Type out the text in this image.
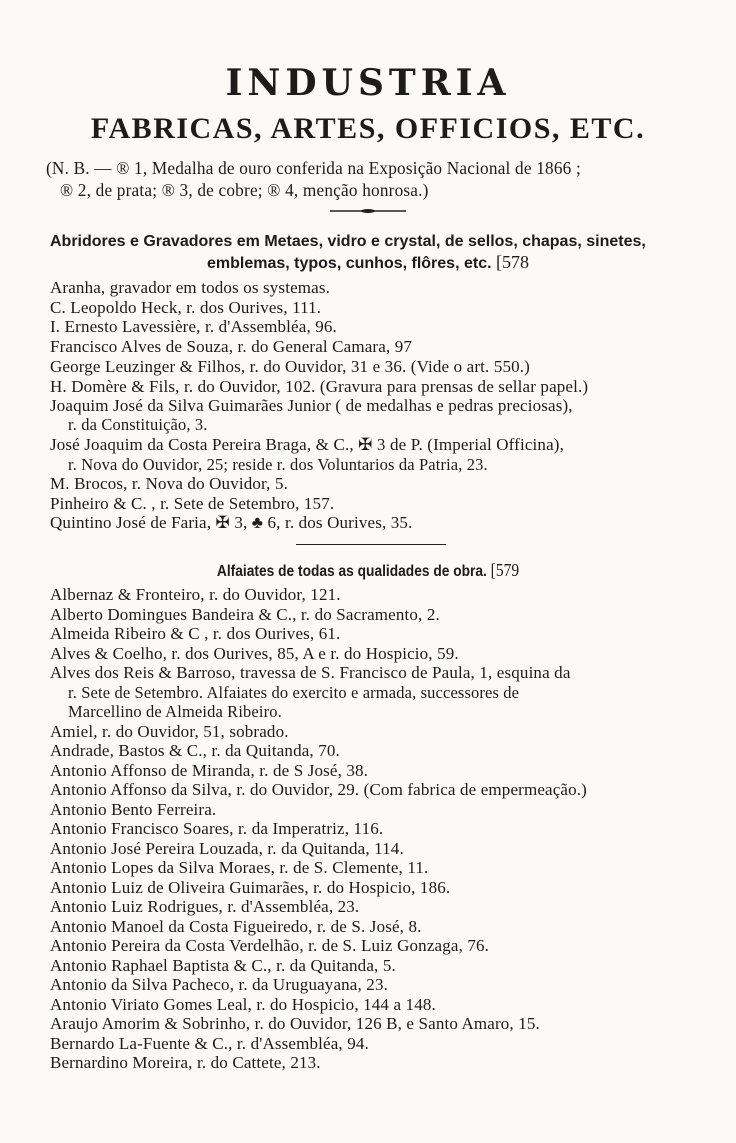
INDUSTRIA
FABRICAS, ARTES, OFFICIOS, ETC.
(N. B. — ® 1, Medalha de ouro conferida na Exposição Nacional de 1866 ;
® 2, de prata; ® 3, de cobre; ® 4, menção honrosa.)
Abridores e Gravadores em Metaes, vidro e crystal, de sellos, chapas, sinetes,
emblemas, typos, cunhos, flôres, etc. [578
Aranha, gravador em todos os systemas.
C. Leopoldo Heck, r. dos Ourives, 111.
I. Ernesto Lavessière, r. d'Assembléa, 96.
Francisco Alves de Souza, r. do General Camara, 97
George Leuzinger & Filhos, r. do Ouvidor, 31 e 36. (Vide o art. 550.)
H. Domère & Fils, r. do Ouvidor, 102. (Gravura para prensas de sellar papel.)
Joaquim José da Silva Guimarães Junior ( de medalhas e pedras preciosas),
r. da Constituição, 3.
José Joaquim da Costa Pereira Braga, & C., ✠ 3 de P. (Imperial Officina),
r. Nova do Ouvidor, 25; reside r. dos Voluntarios da Patria, 23.
M. Brocos, r. Nova do Ouvidor, 5.
Pinheiro & C. , r. Sete de Setembro, 157.
Quintino José de Faria, ✠ 3, ♣ 6, r. dos Ourives, 35.
Alfaiates de todas as qualidades de obra. [579
Albernaz & Fronteiro, r. do Ouvidor, 121.
Alberto Domingues Bandeira & C., r. do Sacramento, 2.
Almeida Ribeiro & C , r. dos Ourives, 61.
Alves & Coelho, r. dos Ourives, 85, A e r. do Hospicio, 59.
Alves dos Reis & Barroso, travessa de S. Francisco de Paula, 1, esquina da
r. Sete de Setembro. Alfaiates do exercito e armada, successores de
Marcellino de Almeida Ribeiro.
Amiel, r. do Ouvidor, 51, sobrado.
Andrade, Bastos & C., r. da Quitanda, 70.
Antonio Affonso de Miranda, r. de S José, 38.
Antonio Affonso da Silva, r. do Ouvidor, 29. (Com fabrica de empermeação.)
Antonio Bento Ferreira.
Antonio Francisco Soares, r. da Imperatriz, 116.
Antonio José Pereira Louzada, r. da Quitanda, 114.
Antonio Lopes da Silva Moraes, r. de S. Clemente, 11.
Antonio Luiz de Oliveira Guimarães, r. do Hospicio, 186.
Antonio Luiz Rodrigues, r. d'Assembléa, 23.
Antonio Manoel da Costa Figueiredo, r. de S. José, 8.
Antonio Pereira da Costa Verdelhão, r. de S. Luiz Gonzaga, 76.
Antonio Raphael Baptista & C., r. da Quitanda, 5.
Antonio da Silva Pacheco, r. da Uruguayana, 23.
Antonio Viriato Gomes Leal, r. do Hospicio, 144 a 148.
Araujo Amorim & Sobrinho, r. do Ouvidor, 126 B, e Santo Amaro, 15.
Bernardo La-Fuente & C., r. d'Assembléa, 94.
Bernardino Moreira, r. do Cattete, 213.
